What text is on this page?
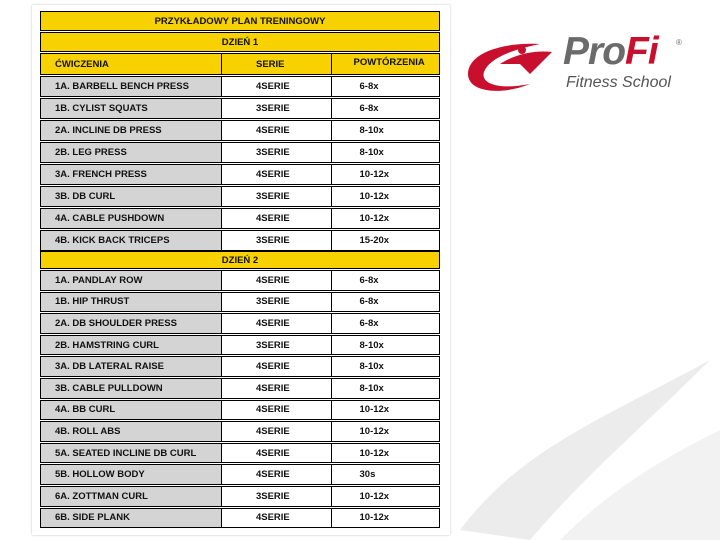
PRZYKŁADOWY PLAN TRENINGOWY
DZIEŃ 1
ĆWICZENIA	SERIE	POWTÓRZENIA
1A. BARBELL BENCH PRESS	4SERIE	6-8x
1B. CYLIST SQUATS	3SERIE	6-8x
2A. INCLINE DB PRESS	4SERIE	8-10x
2B. LEG PRESS	3SERIE	8-10x
3A. FRENCH PRESS	4SERIE	10-12x
3B. DB CURL	3SERIE	10-12x
4A. CABLE PUSHDOWN	4SERIE	10-12x
4B. KICK BACK TRICEPS	3SERIE	15-20x
DZIEŃ 2
1A. PANDLAY ROW	4SERIE	6-8x
1B. HIP THRUST	3SERIE	6-8x
2A. DB SHOULDER PRESS	4SERIE	6-8x
2B. HAMSTRING CURL	3SERIE	8-10x
3A. DB LATERAL RAISE	4SERIE	8-10x
3B. CABLE PULLDOWN	4SERIE	8-10x
4A. BB CURL	4SERIE	10-12x
4B. ROLL ABS	4SERIE	10-12x
5A. SEATED INCLINE DB CURL	4SERIE	10-12x
5B. HOLLOW BODY	4SERIE	30s
6A. ZOTTMAN CURL	3SERIE	10-12x
6B. SIDE PLANK	4SERIE	10-12x
ProFi ®
Fitness School
